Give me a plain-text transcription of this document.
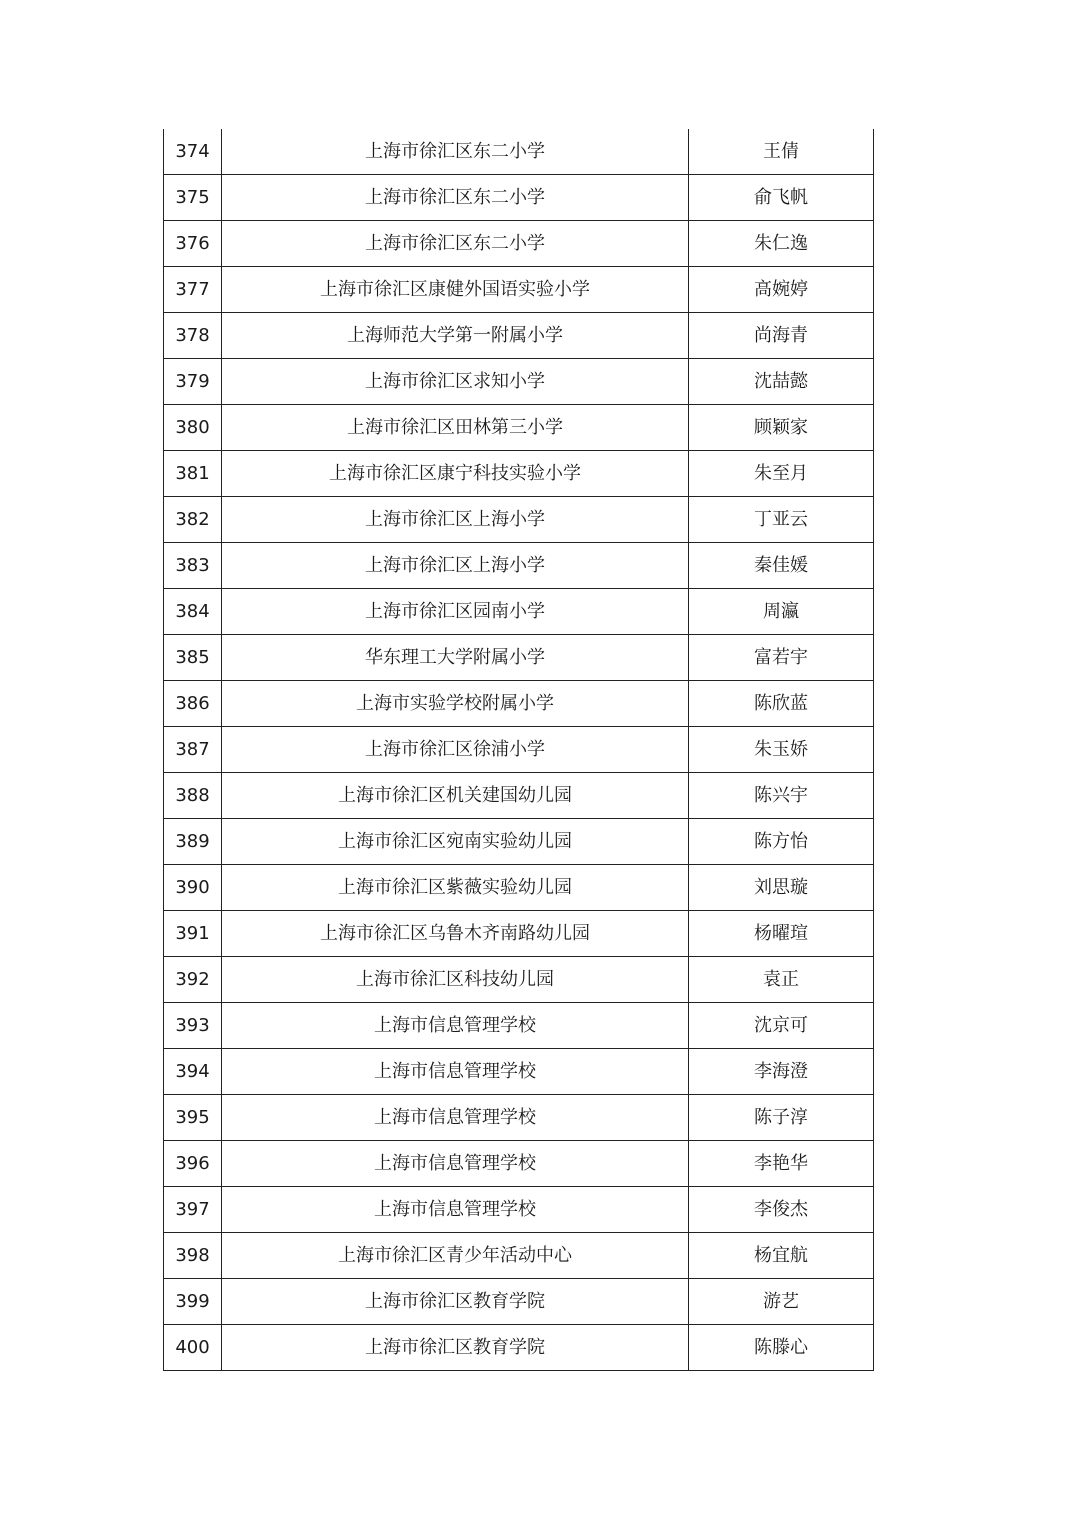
374	上海市徐汇区东二小学	王倩
375	上海市徐汇区东二小学	俞飞帆
376	上海市徐汇区东二小学	朱仁逸
377	上海市徐汇区康健外国语实验小学	高婉婷
378	上海师范大学第一附属小学	尚海青
379	上海市徐汇区求知小学	沈喆懿
380	上海市徐汇区田林第三小学	顾颖家
381	上海市徐汇区康宁科技实验小学	朱至月
382	上海市徐汇区上海小学	丁亚云
383	上海市徐汇区上海小学	秦佳媛
384	上海市徐汇区园南小学	周瀛
385	华东理工大学附属小学	富若宇
386	上海市实验学校附属小学	陈欣蓝
387	上海市徐汇区徐浦小学	朱玉娇
388	上海市徐汇区机关建国幼儿园	陈兴宇
389	上海市徐汇区宛南实验幼儿园	陈方怡
390	上海市徐汇区紫薇实验幼儿园	刘思璇
391	上海市徐汇区乌鲁木齐南路幼儿园	杨曜瑄
392	上海市徐汇区科技幼儿园	袁正
393	上海市信息管理学校	沈京可
394	上海市信息管理学校	李海澄
395	上海市信息管理学校	陈子淳
396	上海市信息管理学校	李艳华
397	上海市信息管理学校	李俊杰
398	上海市徐汇区青少年活动中心	杨宜航
399	上海市徐汇区教育学院	游艺
400	上海市徐汇区教育学院	陈滕心
